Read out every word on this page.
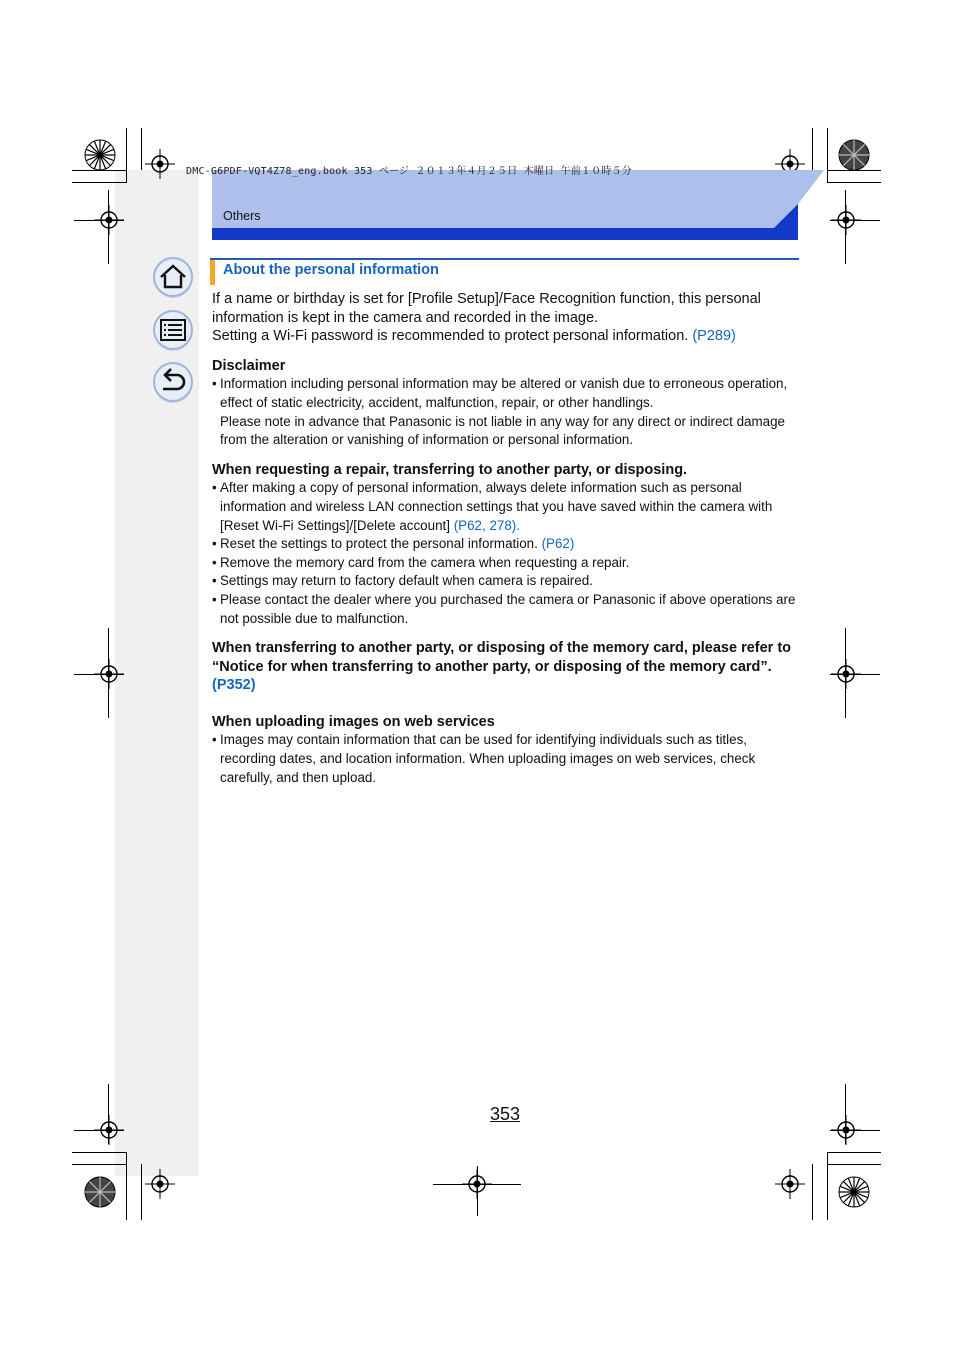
Others
DMC-G6PDF-VQT4Z78_eng.book 353 ページ ２０１３年４月２５日 木曜日 午前１０時５分
About the personal information

If a name or birthday is set for [Profile Setup]/Face Recognition function, this personal information is kept in the camera and recorded in the image.
Setting a Wi-Fi password is recommended to protect personal information. (P289)

Disclaimer

• Information including personal information may be altered or vanish due to erroneous operation, effect of static electricity, accident, malfunction, repair, or other handlings.
Please note in advance that Panasonic is not liable in any way for any direct or indirect damage from the alteration or vanishing of information or personal information.

When requesting a repair, transferring to another party, or disposing.

• After making a copy of personal information, always delete information such as personal information and wireless LAN connection settings that you have saved within the camera with [Reset Wi-Fi Settings]/[Delete account] (P62, 278).
• Reset the settings to protect the personal information. (P62)
• Remove the memory card from the camera when requesting a repair.
• Settings may return to factory default when camera is repaired.
• Please contact the dealer where you purchased the camera or Panasonic if above operations are not possible due to malfunction.

When transferring to another party, or disposing of the memory card, please refer to “Notice for when transferring to another party, or disposing of the memory card”.
(P352)

When uploading images on web services

• Images may contain information that can be used for identifying individuals such as titles, recording dates, and location information. When uploading images on web services, check carefully, and then upload.
353
